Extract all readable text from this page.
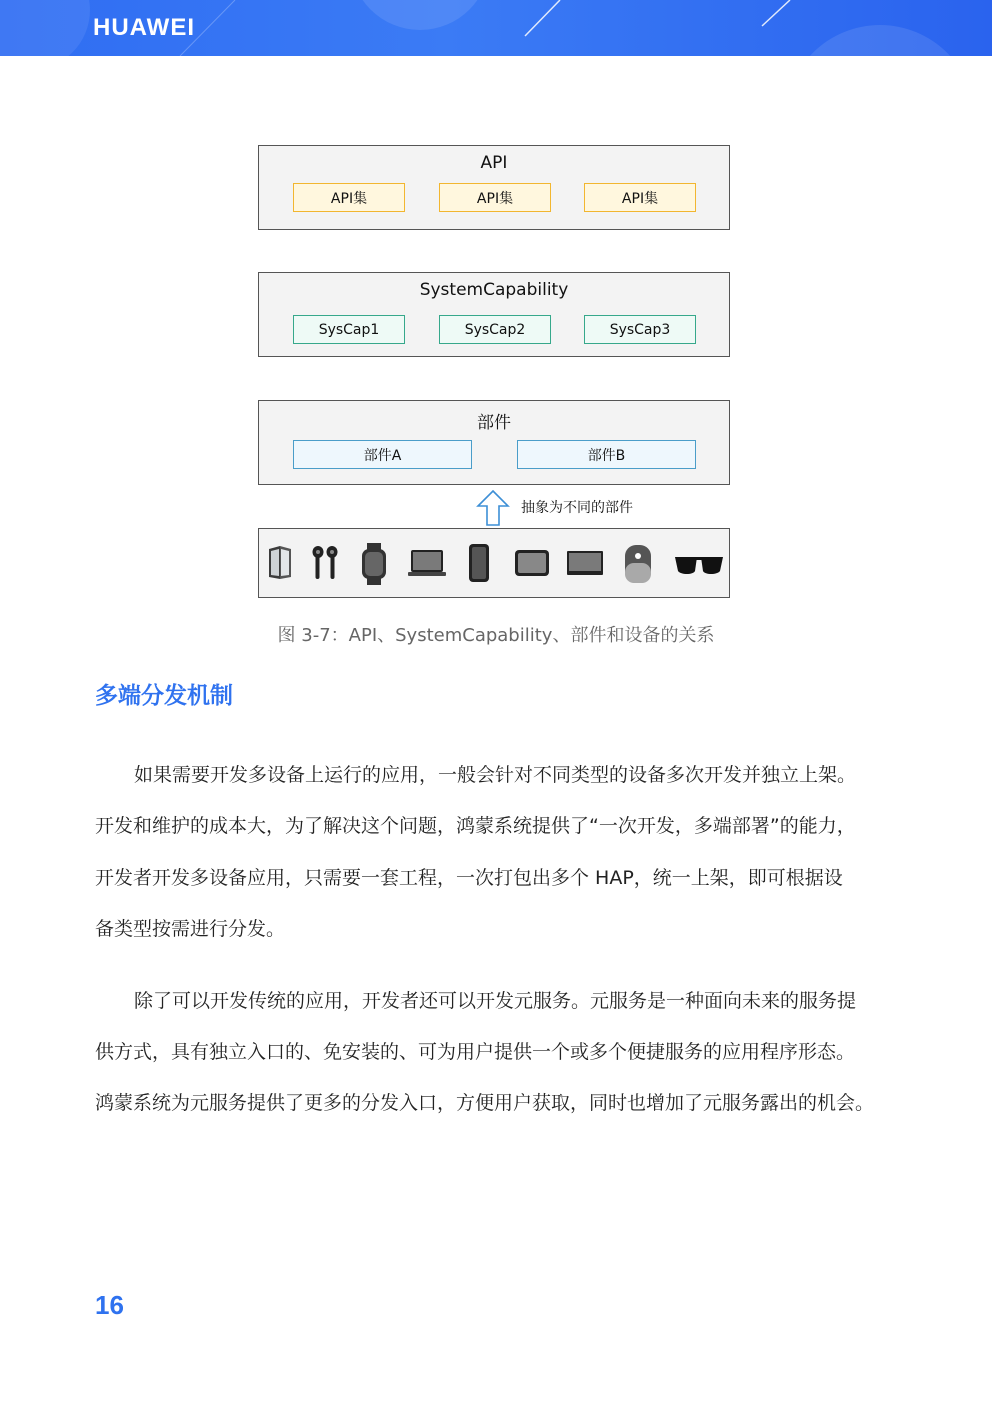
HUAWEI
API
API集	API集	API集
SystemCapability
SysCap1	SysCap2	SysCap3
部件
部件A	部件B
抽象为不同的部件
图 3-7：API、SystemCapability、部件和设备的关系
多端分发机制
如果需要开发多设备上运行的应用，一般会针对不同类型的设备多次开发并独立上架。
开发和维护的成本大，为了解决这个问题，鸿蒙系统提供了“一次开发，多端部署”的能力，
开发者开发多设备应用，只需要一套工程，一次打包出多个 HAP，统一上架，即可根据设
备类型按需进行分发。
除了可以开发传统的应用，开发者还可以开发元服务。元服务是一种面向未来的服务提
供方式，具有独立入口的、免安装的、可为用户提供一个或多个便捷服务的应用程序形态。
鸿蒙系统为元服务提供了更多的分发入口，方便用户获取，同时也增加了元服务露出的机会。
16
